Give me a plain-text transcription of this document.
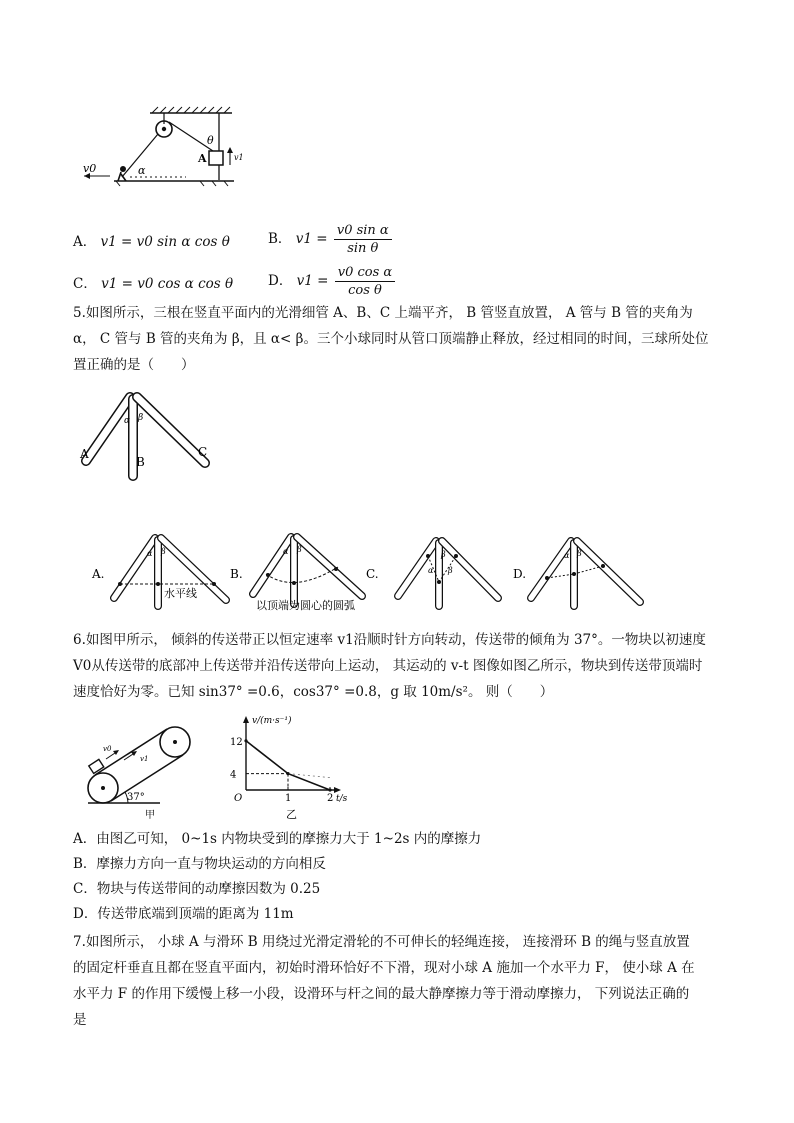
v0	α
θ
A	v1
A． v1 = v0 sin α cos θ	B． $v1 = \frac{\text{v0 sin α}}{\text{sin θ}}$
C． v1 = v0 cos α cos θ	D． $v1 = \frac{\text{v0 cos α}}{\text{cos θ}}$
5.如图所示，三根在竖直平面内的光滑细管 A、B、C 上端平齐， B 管竖直放置， A 管与 B 管的夹角为
α， C 管与 B 管的夹角为 β，且 α< β。三个小球同时从管口顶端静止释放，经过相同的时间，三球所处位
置正确的是（　　）
A
B
C
α β
α β	α β
α
β
β
α β
A.	B.	C.	D.
水平线
以顶端为圆心的圆弧
6.如图甲所示， 倾斜的传送带正以恒定速率 v1沿顺时针方向转动，传送带的倾角为 37°。一物块以初速度
V0从传送带的底部冲上传送带并沿传送带向上运动， 其运动的 v-t 图像如图乙所示，物块到传送带顶端时
速度恰好为零。已知 sin37° =0.6，cos37° =0.8，g 取 10m/s²。 则（　　）
v0
v1
37°
甲
12
4
1	2
v/(m·s⁻¹)
t/s
O
乙
A．由图乙可知， 0~1s 内物块受到的摩擦力大于 1~2s 内的摩擦力
B．摩擦力方向一直与物块运动的方向相反
C．物块与传送带间的动摩擦因数为 0.25
D．传送带底端到顶端的距离为 11m
7.如图所示， 小球 A 与滑环 B 用绕过光滑定滑轮的不可伸长的轻绳连接， 连接滑环 B 的绳与竖直放置
的固定杆垂直且都在竖直平面内，初始时滑环恰好不下滑，现对小球 A 施加一个水平力 F， 使小球 A 在
水平力 F 的作用下缓慢上移一小段，设滑环与杆之间的最大静摩擦力等于滑动摩擦力， 下列说法正确的
是
